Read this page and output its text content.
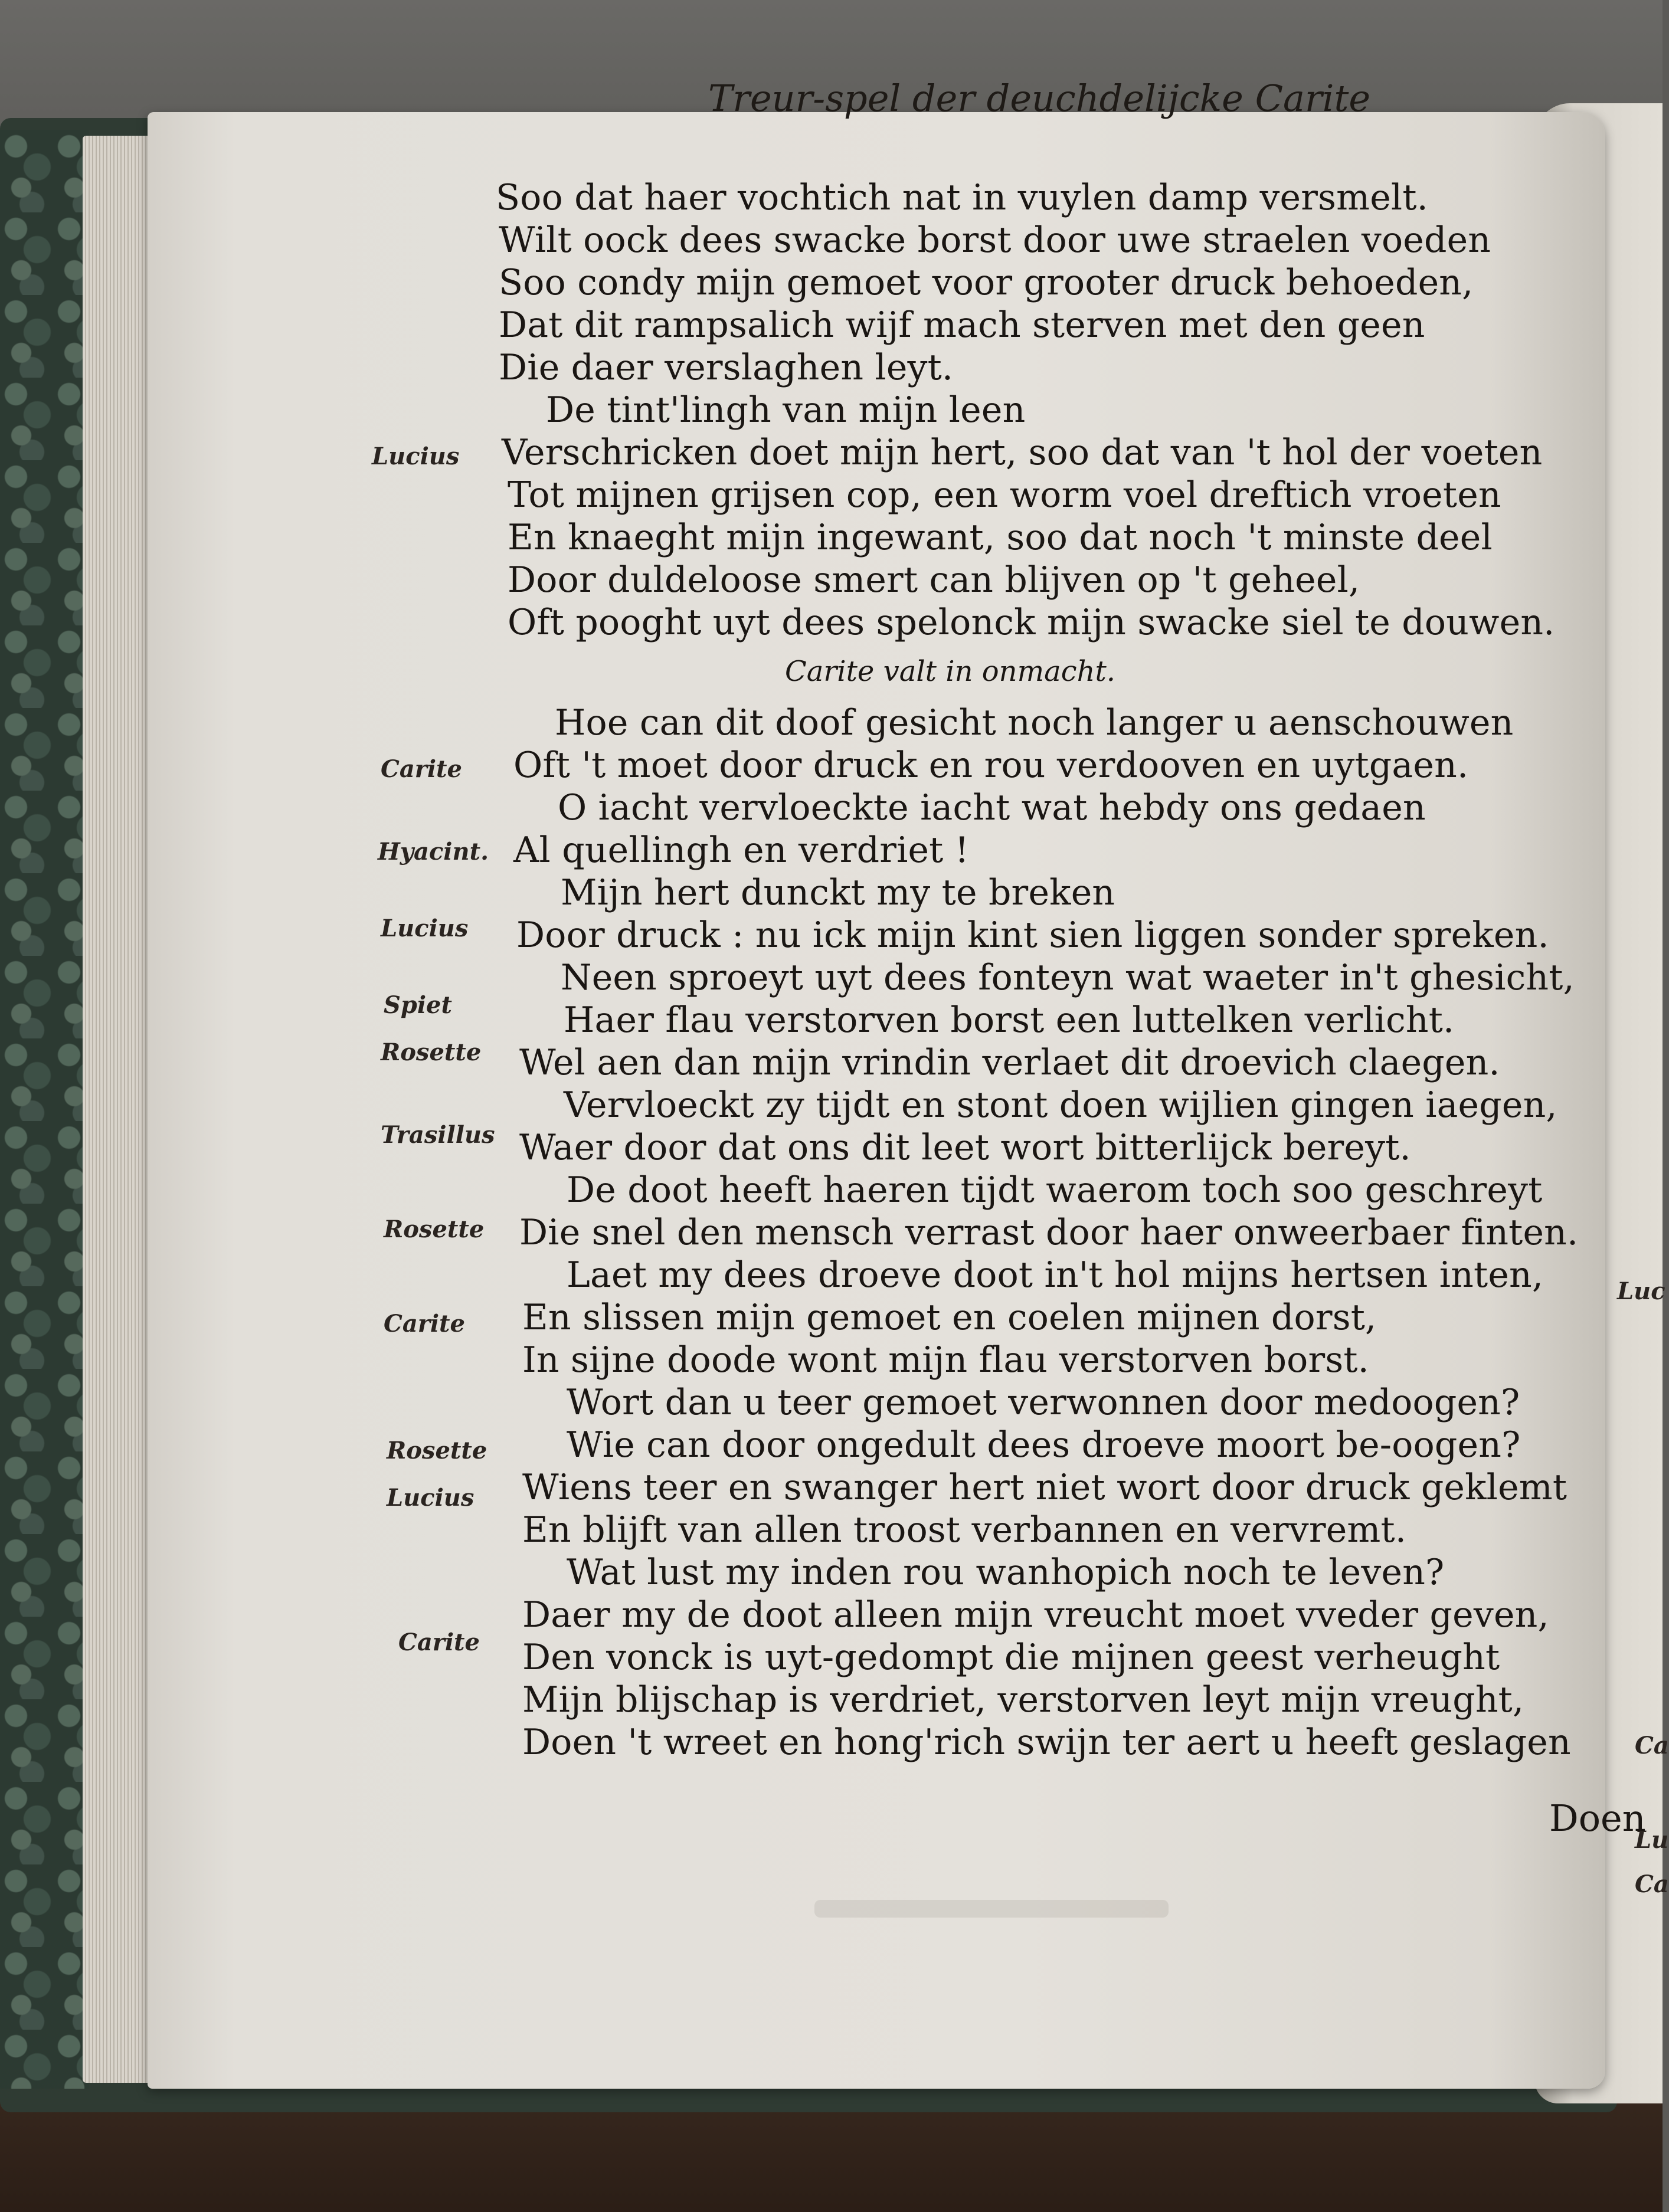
Luc
Ca
Lu
Ca
Treur-spel der deuchdelijcke Carite
Soo dat haer vochtich nat in vuylen damp versmelt.
Wilt oock dees swacke borst door uwe straelen voeden
Soo condy mijn gemoet voor grooter druck behoeden,
Dat dit rampsalich wijf mach sterven met den geen
Die daer verslaghen leyt.
De tint'lingh van mijn leen
Verschricken doet mijn hert, soo dat van 't hol der voeten
Tot mijnen grijsen cop, een worm voel dreftich vroeten
En knaeght mijn ingewant, soo dat noch 't minste deel
Door duldeloose smert can blijven op 't geheel,
Oft pooght uyt dees spelonck mijn swacke siel te douwen.
Carite valt in onmacht.
Hoe can dit doof gesicht noch langer u aenschouwen
Oft 't moet door druck en rou verdooven en uytgaen.
O iacht vervloeckte iacht wat hebdy ons gedaen
Al quellingh en verdriet !
Mijn hert dunckt my te breken
Door druck : nu ick mijn kint sien liggen sonder spreken.
Neen sproeyt uyt dees fonteyn wat waeter in't ghesicht,
Haer flau verstorven borst een luttelken verlicht.
Wel aen dan mijn vrindin verlaet dit droevich claegen.
Vervloeckt zy tijdt en stont doen wijlien gingen iaegen,
Waer door dat ons dit leet wort bitterlijck bereyt.
De doot heeft haeren tijdt waerom toch soo geschreyt
Die snel den mensch verrast door haer onweerbaer finten.
Laet my dees droeve doot in't hol mijns hertsen inten,
En slissen mijn gemoet en coelen mijnen dorst,
In sijne doode wont mijn flau verstorven borst.
Wort dan u teer gemoet verwonnen door medoogen?
Wie can door ongedult dees droeve moort be-oogen?
Wiens teer en swanger hert niet wort door druck geklemt
En blijft van allen troost verbannen en vervremt.
Wat lust my inden rou wanhopich noch te leven?
Daer my de doot alleen mijn vreucht moet vveder geven,
Den vonck is uyt-gedompt die mijnen geest verheught
Mijn blijschap is verdriet, verstorven leyt mijn vreught,
Doen 't wreet en hong'rich swijn ter aert u heeft geslagen
Doen
Lucius
Carite
Hyacint.
Lucius
Spiet
Rosette
Trasillus
Rosette
Carite
Rosette
Lucius
Carite
